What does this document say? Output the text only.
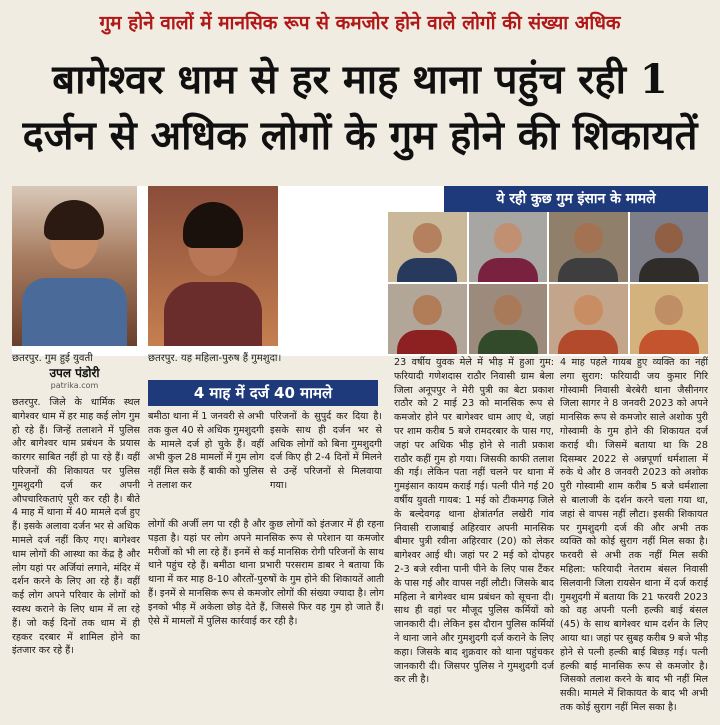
गुम होने वालों में मानसिक रूप से कमजोर होने वाले लोगों की संख्या अधिक
बागेश्वर धाम से हर माह थाना पहुंच रही 1 दर्जन से अधिक लोगों के गुम होने की शिकायतें
छतरपुर. गुम हुई युवती	छतरपुर. यह महिला-पुरुष हैं गुमशुदा।
ये रही कुछ गुम इंसान के मामले
उपल पंडोरी
patrika.com	4 माह में दर्ज 40 मामले
छतरपुर. जिले के धार्मिक स्थल बागेश्वर धाम में हर माह कई लोग गुम हो रहे हैं। जिन्हें तलाशने में पुलिस और बागेश्वर धाम प्रबंधन के प्रयास कारगर साबित नहीं हो पा रहे हैं। वहीं परिजनों की शिकायत पर पुलिस गुमशुदगी दर्ज कर अपनी औपचारिकताएं पूरी कर रही है। बीते 4 माह में थाना में 40 मामले दर्ज हुए हैं। इसके अलावा दर्जन भर से अधिक मामले दर्ज नहीं किए गए। बागेश्वर धाम लोगों की आस्था का केंद्र है और लोग यहां पर अर्जियां लगाने, मंदिर में दर्शन करने के लिए आ रहे हैं। वहीं कई लोग अपने परिवार के लोगों को स्वस्थ कराने के लिए धाम में ला रहे हैं। जो कई दिनों तक धाम में ही रहकर दरबार में शामिल होने का इंतजार कर रहे हैं।
बमीठा थाना में 1 जनवरी से अभी तक कुल 40 से अधिक गुमशुदगी के मामले दर्ज हो चुके हैं। वहीं अभी कुल 28 मामलों में गुम लोग नहीं मिल सके हैं बाकी को पुलिस ने तलाश कर
परिजनों के सुपुर्द कर दिया है। इसके साथ ही दर्जन भर से अधिक लोगों को बिना गुमशुदगी दर्ज किए ही 2-4 दिनों में मिलने से उन्हें परिजनों से मिलवाया गया।
लोगों की अर्जी लग पा रही है और कुछ लोगों को इंतजार में ही रहना पड़ता है। यहां पर लोग अपने मानसिक रूप से परेशान या कमजोर मरीजों को भी ला रहे हैं। इनमें से कई मानसिक रोगी परिजनों के साथ थाने पहुंच रहे हैं। बमीठा थाना प्रभारी परसराम डाबर ने बताया कि थाना में कर माह 8-10 औरतों-पुरुषों के गुम होने की शिकायतें आती हैं। इनमें से मानसिक रूप से कमजोर लोगों की संख्या ज्यादा है। लोग इनको भीड़ में अकेला छोड़ देते हैं, जिससे फिर वह गुम हो जाते हैं। ऐसे में मामलों में पुलिस कार्रवाई कर रही है।
23 वर्षीय युवक मेले में भीड़ में हुआ गुम: फरियादी गणेशदास राठौर निवासी ग्राम बेला जिला अनूपपुर ने मेरी पुत्री का बेटा प्रकाश राठौर को 2 माई 23 को मानसिक रूप से कमजोर होने पर बागेश्वर धाम आए थे, जहां पर शाम करीब 5 बजे रामदरबार के पास गए, जहां पर अधिक भीड़ होने से नाती प्रकाश राठौर कहीं गुम हो गया। जिसकी काफी तलाश की गई। लेकिन पता नहीं चलने पर थाना में गुमइंसान कायम कराई गई। पत्नी पीने गई 20 वर्षीय युवती गायब: 1 मई को टीकमगढ़ जिले के बल्देवगढ़ थाना क्षेत्रांतर्गत लखेरी गांव निवासी राजाबाई अहिरवार अपनी मानसिक बीमार पुत्री रवीना अहिरवार (20) को लेकर बागेश्वर आई थी। जहां पर 2 मई को दोपहर 2-3 बजे रवीना पानी पीने के लिए पास टैंकर के पास गई और वापस नहीं लौटी। जिसके बाद महिला ने बागेश्वर धाम प्रबंधन को सूचना दी। साथ ही वहां पर मौजूद पुलिस कर्मियों को जानकारी दी। लेकिन इस दौरान पुलिस कर्मियों ने थाना जाने और गुमशुदगी दर्ज कराने के लिए कहा। जिसके बाद शुक्रवार को थाना पहुंचकर जानकारी दी। जिसपर पुलिस ने गुमशुदगी दर्ज कर ली है।
4 माह पहले गायब हुए व्यक्ति का नहीं लगा सुराग: फरियादी जय कुमार गिरि गोस्वामी निवासी बेरबेरी थाना जैसीनगर जिला सागर ने 8 जनवरी 2023 को अपने मानसिक रूप से कमजोर साले अशोक पुरी गोस्वामी के गुम होने की शिकायत दर्ज कराई थी। जिसमें बताया था कि 28 दिसम्बर 2022 से अन्नपूर्णा धर्मशाला में रुके थे और 8 जनवरी 2023 को अशोक पुरी गोस्वामी शाम करीब 5 बजे धर्मशाला से बालाजी के दर्शन करने चला गया था, जहां से वापस नहीं लौटा। इसकी शिकायत पर गुमशुदगी दर्ज की और अभी तक व्यक्ति को कोई सुराग नहीं मिल सका है। फरवरी से अभी तक नहीं मिल सकी महिला: फरियादी नेतराम बंसल निवासी सिलवानी जिला रायसेन थाना में दर्ज कराई गुमशुदगी में बताया कि 21 फरवरी 2023 को वह अपनी पत्नी हल्की बाई बंसल (45) के साथ बागेश्वर धाम दर्शन के लिए आया था। जहां पर सुबह करीब 9 बजे भीड़ होने से पत्नी हल्की बाई बिछड़ गई। पत्नी हल्की बाई मानसिक रूप से कमजोर है। जिसको तलाश करने के बाद भी नहीं मिल सकी। मामले में शिकायत के बाद भी अभी तक कोई सुराग नहीं मिल सका है।
